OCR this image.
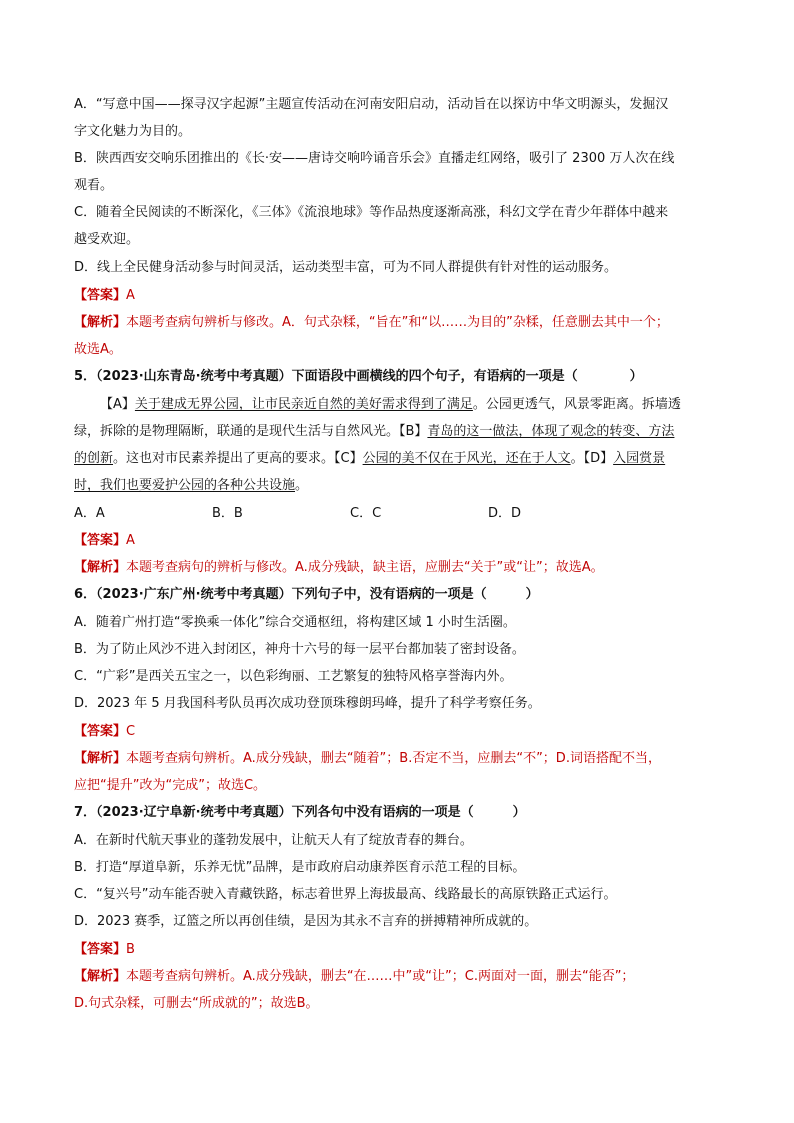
A．“写意中国——探寻汉字起源”主题宣传活动在河南安阳启动，活动旨在以探访中华文明源头，发掘汉
字文化魅力为目的。
B．陕西西安交响乐团推出的《长·安——唐诗交响吟诵音乐会》直播走红网络，吸引了 2300 万人次在线
观看。
C．随着全民阅读的不断深化，《三体》《流浪地球》等作品热度逐渐高涨，科幻文学在青少年群体中越来
越受欢迎。
D．线上全民健身活动参与时间灵活，运动类型丰富，可为不同人群提供有针对性的运动服务。
【答案】A
【解析】本题考查病句辨析与修改。A．句式杂糅，“旨在”和“以……为目的”杂糅，任意删去其中一个；
故选A。
5．（2023·山东青岛·统考中考真题）下面语段中画横线的四个句子，有语病的一项是（　　　　）
【A】关于建成无界公园，让市民亲近自然的美好需求得到了满足。公园更透气，风景零距离。拆墙透
绿，拆除的是物理隔断，联通的是现代生活与自然风光。【B】青岛的这一做法，体现了观念的转变、方法
的创新。这也对市民素养提出了更高的要求。【C】公园的美不仅在于风光，还在于人文。【D】入园赏景
时，我们也要爱护公园的各种公共设施。
A．A	B．B	C．C	D．D
【答案】A
【解析】本题考查病句的辨析与修改。A.成分残缺，缺主语，应删去“关于”或“让”；故选A。
6．（2023·广东广州·统考中考真题）下列句子中，没有语病的一项是（　　　）
A．随着广州打造“零换乘一体化”综合交通枢纽，将构建区域 1 小时生活圈。
B．为了防止风沙不进入封闭区，神舟十六号的每一层平台都加装了密封设备。
C．“广彩”是西关五宝之一，以色彩绚丽、工艺繁复的独特风格享誉海内外。
D．2023 年 5 月我国科考队员再次成功登顶珠穆朗玛峰，提升了科学考察任务。
【答案】C
【解析】本题考查病句辨析。A.成分残缺，删去“随着”；B.否定不当，应删去“不”；D.词语搭配不当，
应把“提升”改为“完成”；故选C。
7．（2023·辽宁阜新·统考中考真题）下列各句中没有语病的一项是（　　　）
A．在新时代航天事业的蓬勃发展中，让航天人有了绽放青春的舞台。
B．打造“厚道阜新，乐养无忧”品牌，是市政府启动康养医育示范工程的目标。
C．“复兴号”动车能否驶入青藏铁路，标志着世界上海拔最高、线路最长的高原铁路正式运行。
D．2023 赛季，辽篮之所以再创佳绩，是因为其永不言弃的拼搏精神所成就的。
【答案】B
【解析】本题考查病句辨析。A.成分残缺，删去“在……中”或“让”；C.两面对一面，删去“能否”；
D.句式杂糅，可删去“所成就的”；故选B。
